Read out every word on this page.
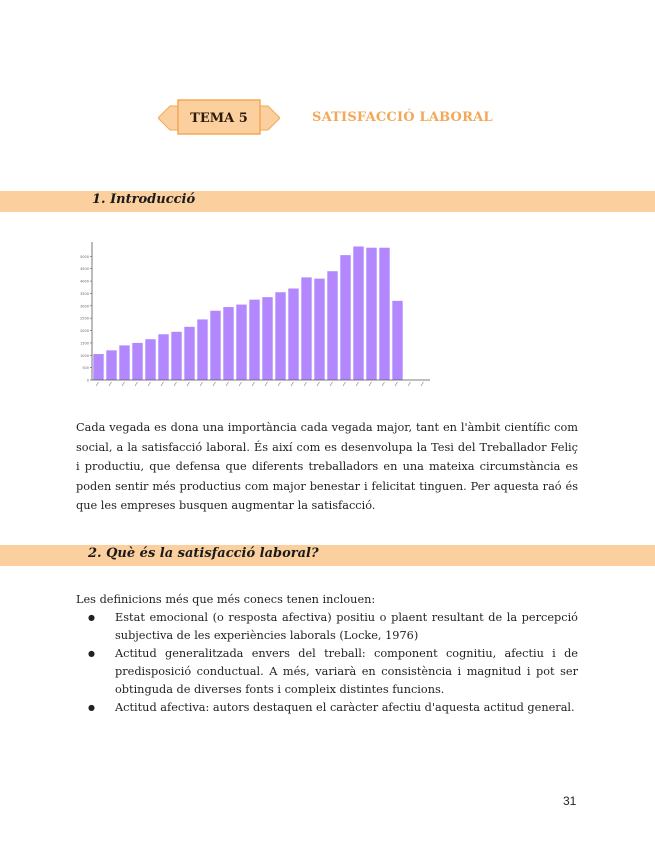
TEMA 5	SATISFACCIÓ LABORAL
1. Introducció
0
500
1000
1500
2000
2500
3000
3500
4000
4500
5000
Cada vegada es dona una importància cada vegada major, tant en l'àmbit científic com social, a la satisfacció laboral. És així com es desenvolupa la Tesi del Treballador Feliç i productiu, que defensa que diferents treballadors en una mateixa circumstància es poden sentir més productius com major benestar i felicitat tinguen. Per aquesta raó és que les empreses busquen augmentar la satisfacció.
2. Què és la satisfacció laboral?
Les definicions més que més conecs tenen inclouen:
● Estat emocional (o resposta afectiva) positiu o plaent resultant de la percepció subjectiva de les experiències laborals (Locke, 1976)
● Actitud generalitzada envers del treball: component cognitiu, afectiu i de predisposició conductual. A més, variarà en consistència i magnitud i pot ser obtinguda de diverses fonts i compleix distintes funcions.
● Actitud afectiva: autors destaquen el caràcter afectiu d'aquesta actitud general.
31
